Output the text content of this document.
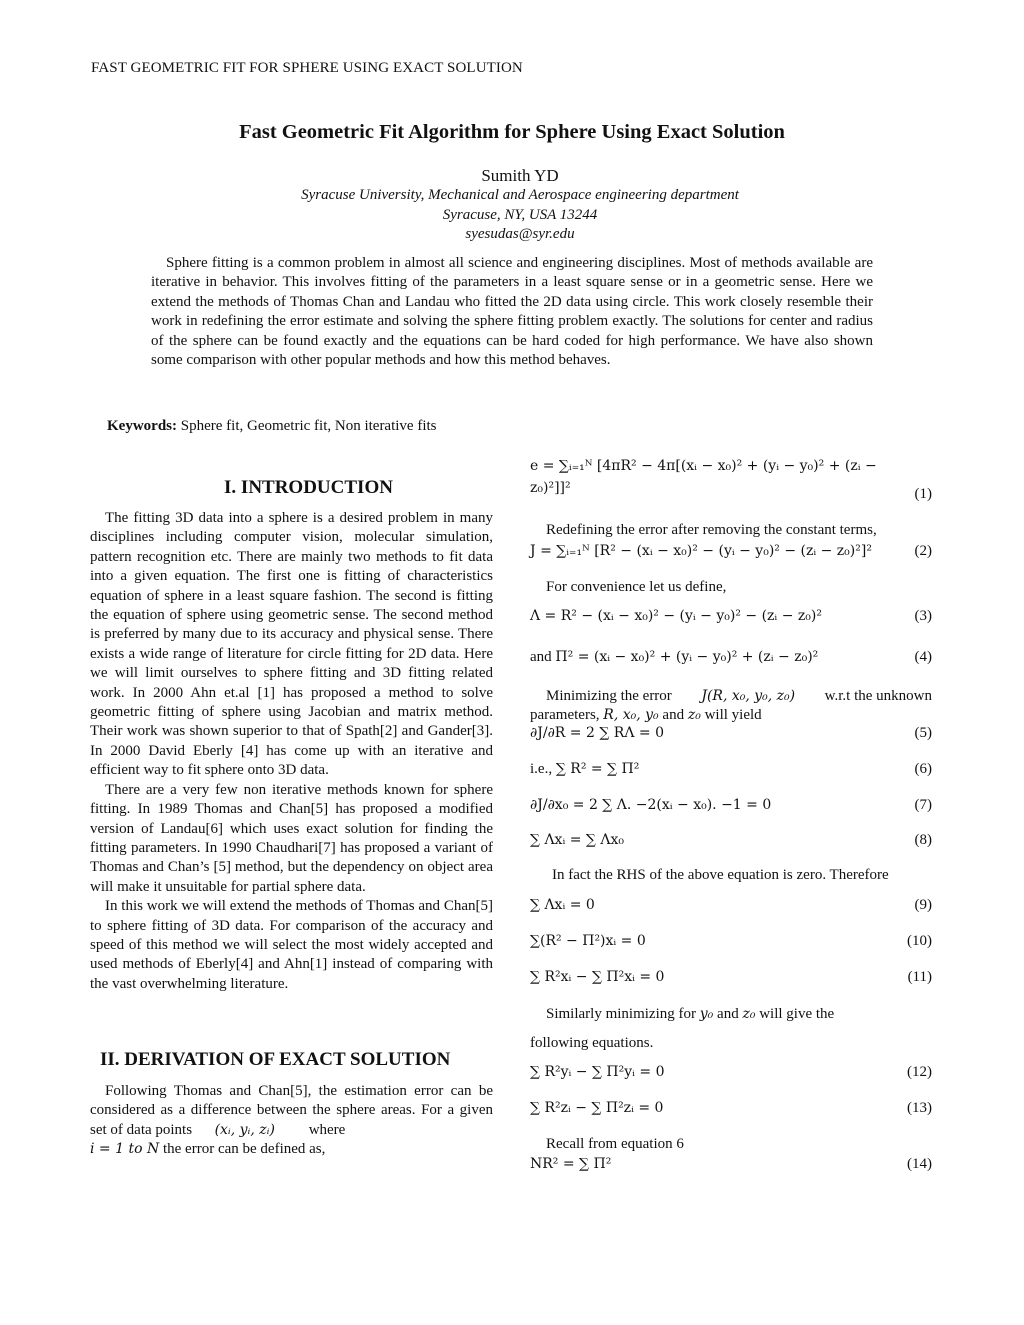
FAST GEOMETRIC FIT FOR SPHERE USING EXACT SOLUTION
Fast Geometric Fit Algorithm for Sphere Using Exact Solution
Sumith YD
Syracuse University, Mechanical and Aerospace engineering department
Syracuse, NY, USA 13244
syesudas@syr.edu

Sphere fitting is a common problem in almost all science and engineering disciplines. Most of methods available are iterative in behavior. This involves fitting of the parameters in a least square sense or in a geometric sense. Here we extend the methods of Thomas Chan and Landau who fitted the 2D data using circle. This work closely resemble their work in redefining the error estimate and solving the sphere fitting problem exactly. The solutions for center and radius of the sphere can be found exactly and the equations can be hard coded for high performance. We have also shown some comparison with other popular methods and how this method behaves.

Keywords: Sphere fit, Geometric fit, Non iterative fits
I. INTRODUCTION

The fitting 3D data into a sphere is a desired problem in many disciplines including computer vision, molecular simulation, pattern recognition etc. There are mainly two methods to fit data into a given equation. The first one is fitting of characteristics equation of sphere in a least square fashion. The second is fitting the equation of sphere using geometric sense. The second method is preferred by many due to its accuracy and physical sense. There exists a wide range of literature for circle fitting for 2D data. Here we will limit ourselves to sphere fitting and 3D fitting related work. In 2000 Ahn et.al [1] has proposed a method to solve geometric fitting of sphere using Jacobian and matrix method. Their work was shown superior to that of Spath[2] and Gander[3]. In 2000 David Eberly [4] has come up with an iterative and efficient way to fit sphere onto 3D data.

There are a very few non iterative methods known for sphere fitting. In 1989 Thomas and Chan[5] has proposed a modified version of Landau[6] which uses exact solution for finding the fitting parameters. In 1990 Chaudhari[7] has proposed a variant of Thomas and Chan’s [5] method, but the dependency on object area will make it unsuitable for partial sphere data.

In this work we will extend the methods of Thomas and Chan[5] to sphere fitting of 3D data. For comparison of the accuracy and speed of this method we will select the most widely accepted and used methods of Eberly[4] and Ahn[1] instead of comparing with the vast overwhelming literature.

II. DERIVATION OF EXACT SOLUTION

Following Thomas and Chan[5], the estimation error can be considered as a difference between the sphere areas. For a given set of data points (xᵢ, yᵢ, zᵢ) where
i = 1 to N the error can be defined as,

e = ∑ᵢ₌₁ᴺ [4πR² − 4π[(xᵢ − x₀)² + (yᵢ − y₀)² + (zᵢ −
z₀)²]]²	(1)
Redefining the error after removing the constant terms,
J = ∑ᵢ₌₁ᴺ [R² − (xᵢ − x₀)² − (yᵢ − y₀)² − (zᵢ − z₀)²]²	(2)
For convenience let us define,
Λ = R² − (xᵢ − x₀)² − (yᵢ − y₀)² − (zᵢ − z₀)²	(3)
and Π² = (xᵢ − x₀)² + (yᵢ − y₀)² + (zᵢ − z₀)²	(4)
Minimizing the error J(R, x₀, y₀, z₀) w.r.t the unknown
parameters, R, x₀, y₀ and z₀ will yield
∂J/∂R = 2 ∑ RΛ = 0	(5)
i.e., ∑ R² = ∑ Π²	(6)
∂J/∂x₀ = 2 ∑ Λ. −2(xᵢ − x₀). −1 = 0	(7)
∑ Λxᵢ = ∑ Λx₀	(8)
In fact the RHS of the above equation is zero. Therefore
∑ Λxᵢ = 0	(9)
∑(R² − Π²)xᵢ = 0	(10)
∑ R²xᵢ − ∑ Π²xᵢ = 0	(11)
Similarly minimizing for y₀ and z₀ will give the
following equations.
∑ R²yᵢ − ∑ Π²yᵢ = 0	(12)
∑ R²zᵢ − ∑ Π²zᵢ = 0	(13)
Recall from equation 6
NR² = ∑ Π²	(14)
